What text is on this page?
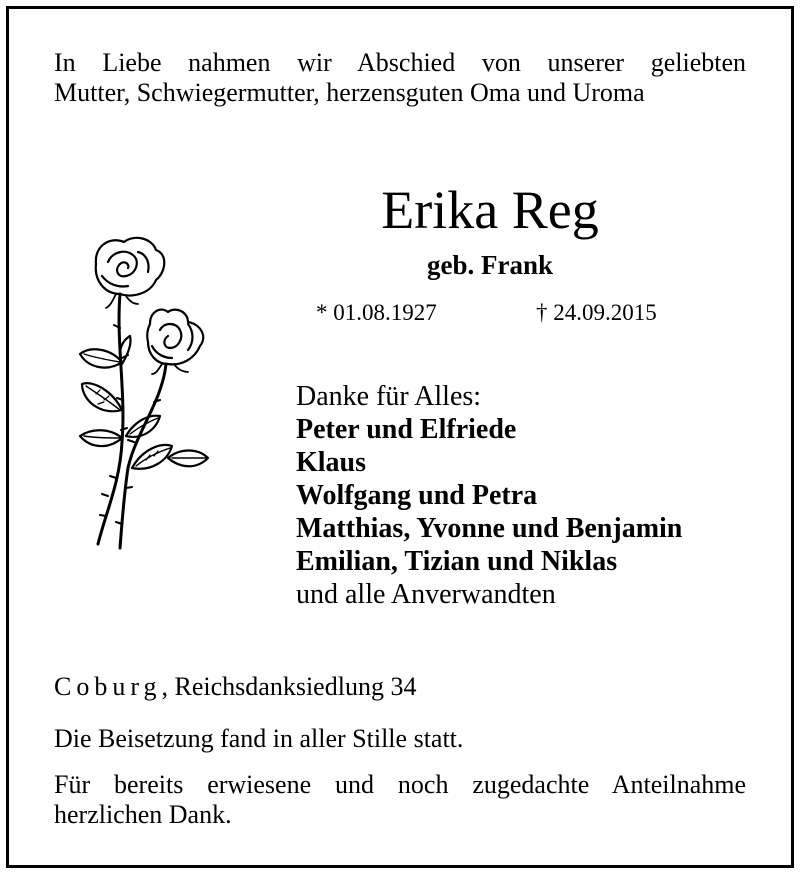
In Liebe nahmen wir Abschied von unserer geliebten
Mutter, Schwiegermutter, herzensguten Oma und Uroma
Erika Reg
geb. Frank
* 01.08.1927	† 24.09.2015
Danke für Alles:
Peter und Elfriede
Klaus
Wolfgang und Petra
Matthias, Yvonne und Benjamin
Emilian, Tizian und Niklas
und alle Anverwandten
Coburg, Reichsdanksiedlung 34
Die Beisetzung fand in aller Stille statt.
Für bereits erwiesene und noch zugedachte Anteilnahme
herzlichen Dank.
